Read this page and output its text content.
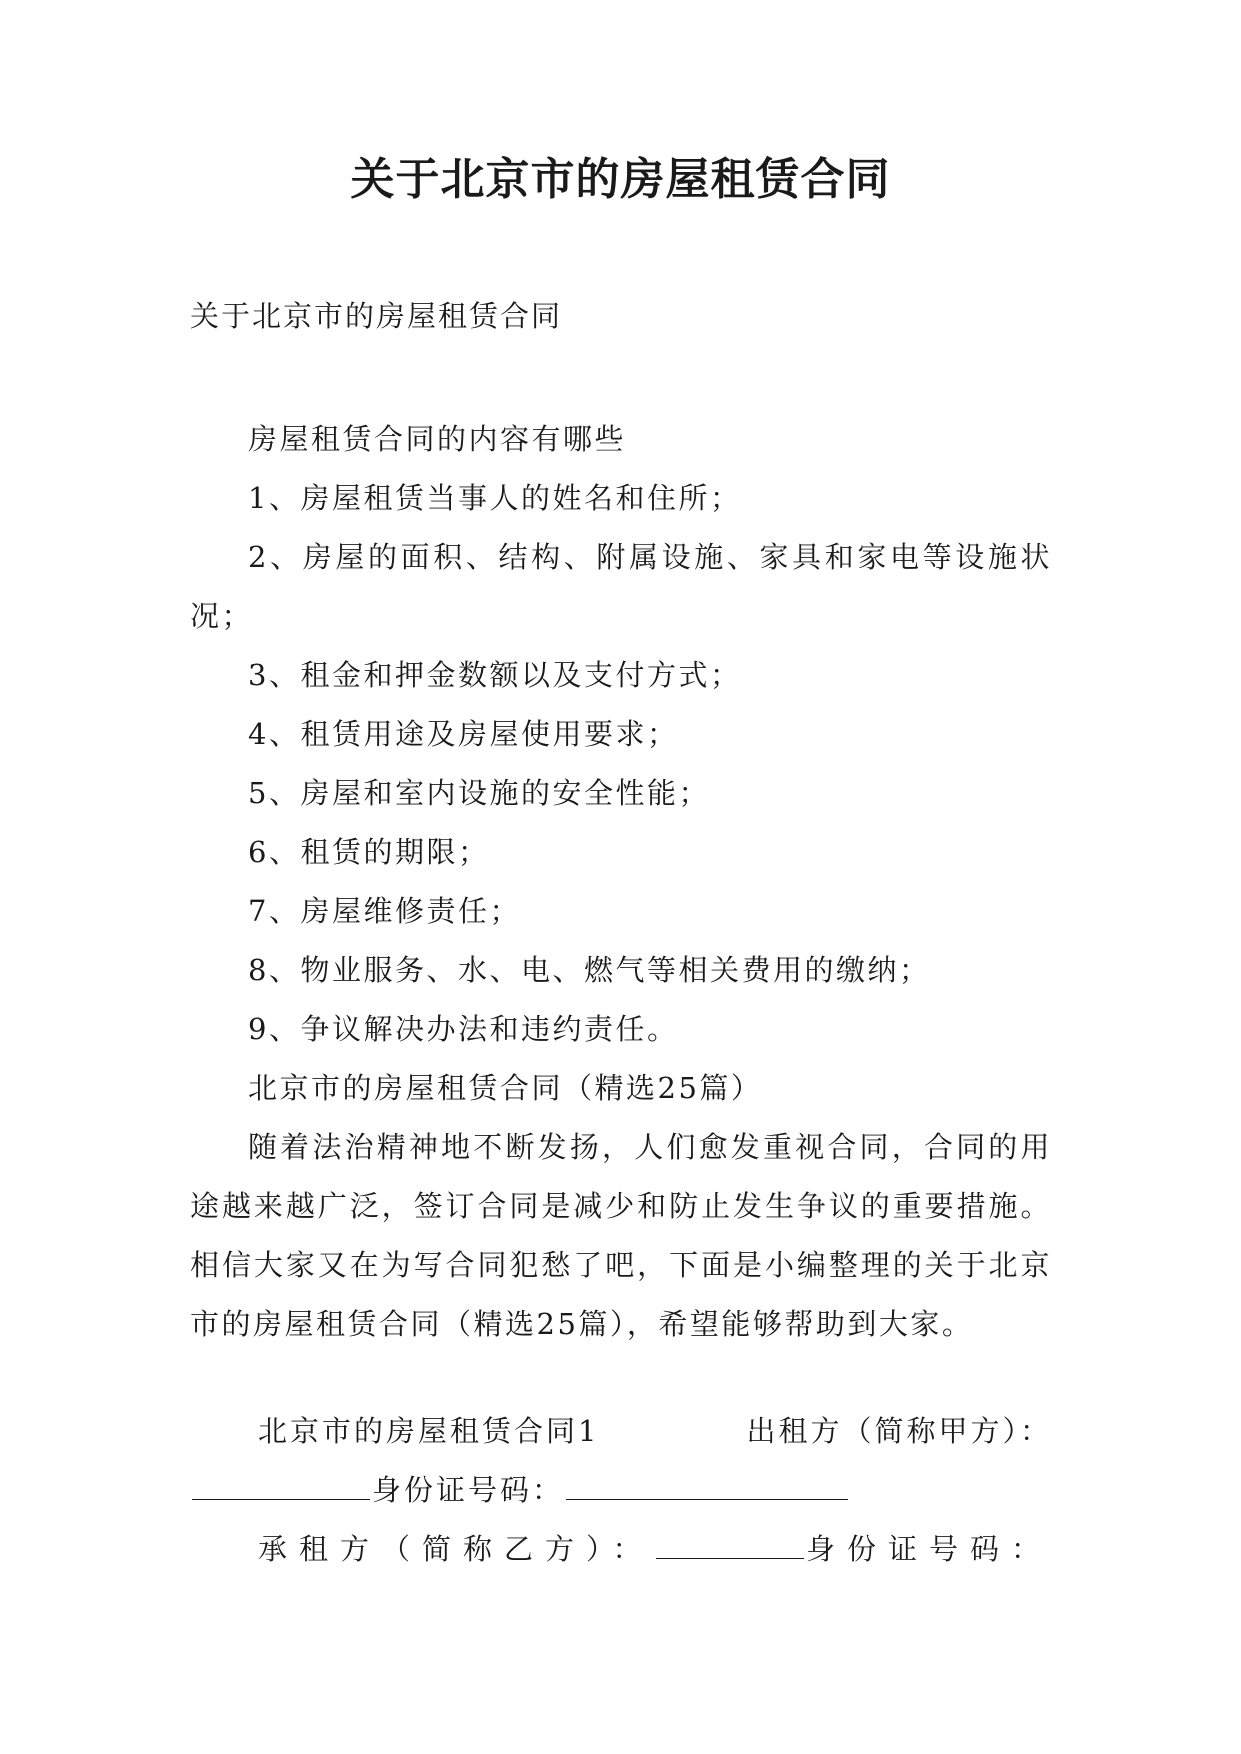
关于北京市的房屋租赁合同

关于北京市的房屋租赁合同

房屋租赁合同的内容有哪些

1、房屋租赁当事人的姓名和住所；

2、房屋的面积、结构、附属设施、家具和家电等设施状况；

3、租金和押金数额以及支付方式；

4、租赁用途及房屋使用要求；

5、房屋和室内设施的安全性能；

6、租赁的期限；

7、房屋维修责任；

8、物业服务、水、电、燃气等相关费用的缴纳；

9、争议解决办法和违约责任。

北京市的房屋租赁合同（精选25篇）

随着法治精神地不断发扬，人们愈发重视合同，合同的用途越来越广泛，签订合同是减少和防止发生争议的重要措施。相信大家又在为写合同犯愁了吧，下面是小编整理的关于北京市的房屋租赁合同（精选25篇），希望能够帮助到大家。

北京市的房屋租赁合同1	出租方（简称甲方）：
身份证号码：
承租方（简称乙方）：	身份证号码：
